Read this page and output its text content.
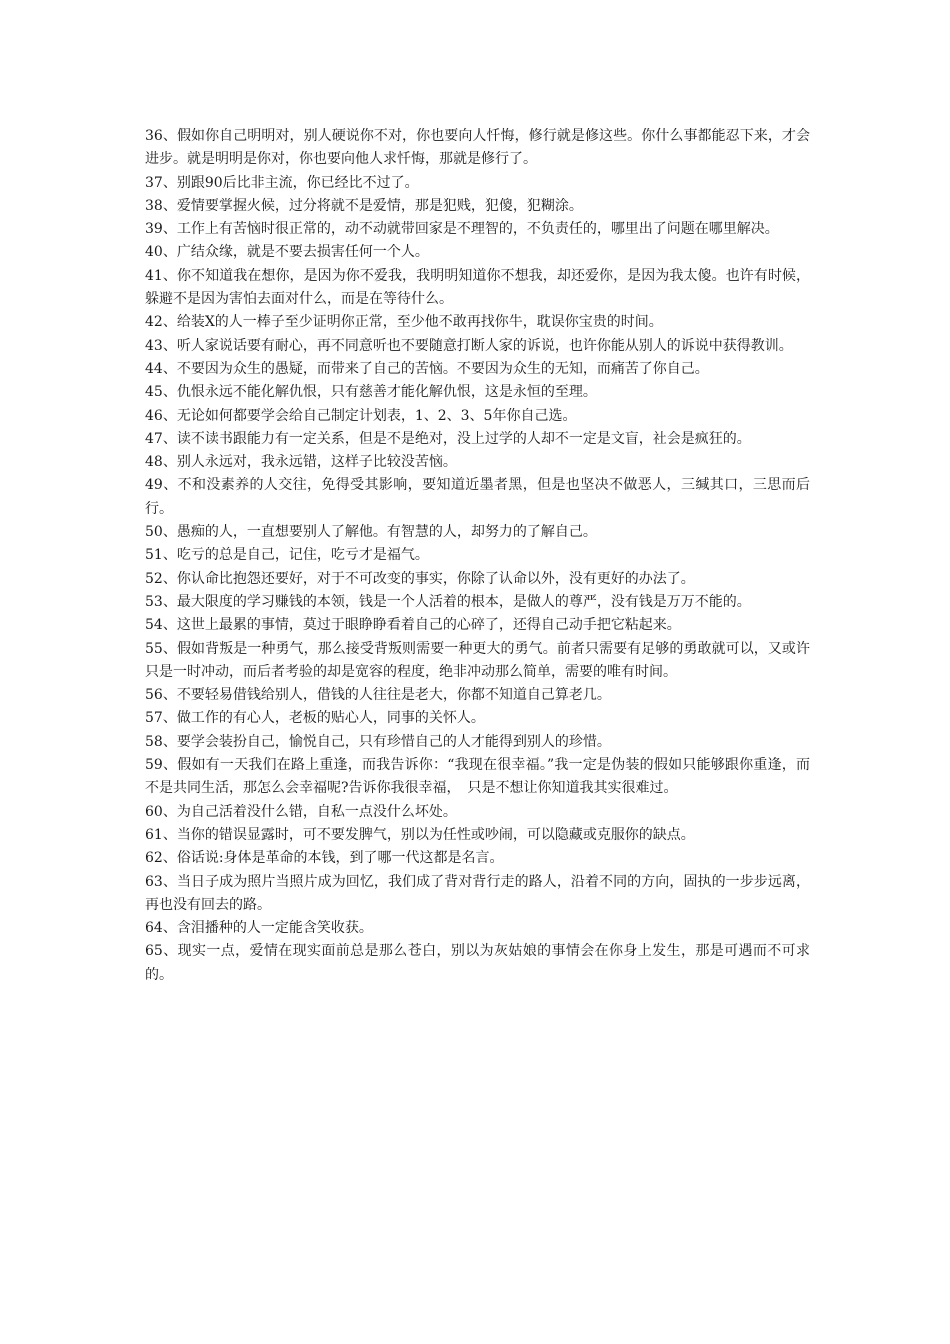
36、假如你自己明明对，别人硬说你不对，你也要向人忏悔，修行就是修这些。你什么事都能忍下来，才会进步。就是明明是你对，你也要向他人求忏悔，那就是修行了。

37、别跟90后比非主流，你已经比不过了。

38、爱情要掌握火候，过分将就不是爱情，那是犯贱，犯傻，犯糊涂。

39、工作上有苦恼时很正常的，动不动就带回家是不理智的，不负责任的，哪里出了问题在哪里解决。

40、广结众缘，就是不要去损害任何一个人。

41、你不知道我在想你，是因为你不爱我，我明明知道你不想我，却还爱你，是因为我太傻。也许有时候，躲避不是因为害怕去面对什么，而是在等待什么。

42、给装X的人一棒子至少证明你正常，至少他不敢再找你牛，耽误你宝贵的时间。

43、听人家说话要有耐心，再不同意听也不要随意打断人家的诉说，也许你能从别人的诉说中获得教训。

44、不要因为众生的愚疑，而带来了自己的苦恼。不要因为众生的无知，而痛苦了你自己。

45、仇恨永远不能化解仇恨，只有慈善才能化解仇恨，这是永恒的至理。

46、无论如何都要学会给自己制定计划表，1、2、3、5年你自己选。

47、读不读书跟能力有一定关系，但是不是绝对，没上过学的人却不一定是文盲，社会是疯狂的。

48、别人永远对，我永远错，这样子比较没苦恼。

49、不和没素养的人交往，免得受其影响，要知道近墨者黑，但是也坚决不做恶人，三缄其口，三思而后行。

50、愚痴的人，一直想要别人了解他。有智慧的人，却努力的了解自己。

51、吃亏的总是自己，记住，吃亏才是福气。

52、你认命比抱怨还要好，对于不可改变的事实，你除了认命以外，没有更好的办法了。

53、最大限度的学习赚钱的本领，钱是一个人活着的根本，是做人的尊严，没有钱是万万不能的。

54、这世上最累的事情，莫过于眼睁睁看着自己的心碎了，还得自己动手把它粘起来。

55、假如背叛是一种勇气，那么接受背叛则需要一种更大的勇气。前者只需要有足够的勇敢就可以，又或许只是一时冲动，而后者考验的却是宽容的程度，绝非冲动那么简单，需要的唯有时间。

56、不要轻易借钱给别人，借钱的人往往是老大，你都不知道自己算老几。

57、做工作的有心人，老板的贴心人，同事的关怀人。

58、要学会装扮自己，愉悦自己，只有珍惜自己的人才能得到别人的珍惜。

59、假如有一天我们在路上重逢，而我告诉你：“我现在很幸福。”我一定是伪装的假如只能够跟你重逢，而不是共同生活，那怎么会幸福呢?告诉你我很幸福，　只是不想让你知道我其实很难过。

60、为自己活着没什么错，自私一点没什么坏处。

61、当你的错误显露时，可不要发脾气，别以为任性或吵闹，可以隐藏或克服你的缺点。

62、俗话说:身体是革命的本钱，到了哪一代这都是名言。

63、当日子成为照片当照片成为回忆，我们成了背对背行走的路人，沿着不同的方向，固执的一步步远离，再也没有回去的路。

64、含泪播种的人一定能含笑收获。

65、现实一点，爱情在现实面前总是那么苍白，别以为灰姑娘的事情会在你身上发生，那是可遇而不可求的。
